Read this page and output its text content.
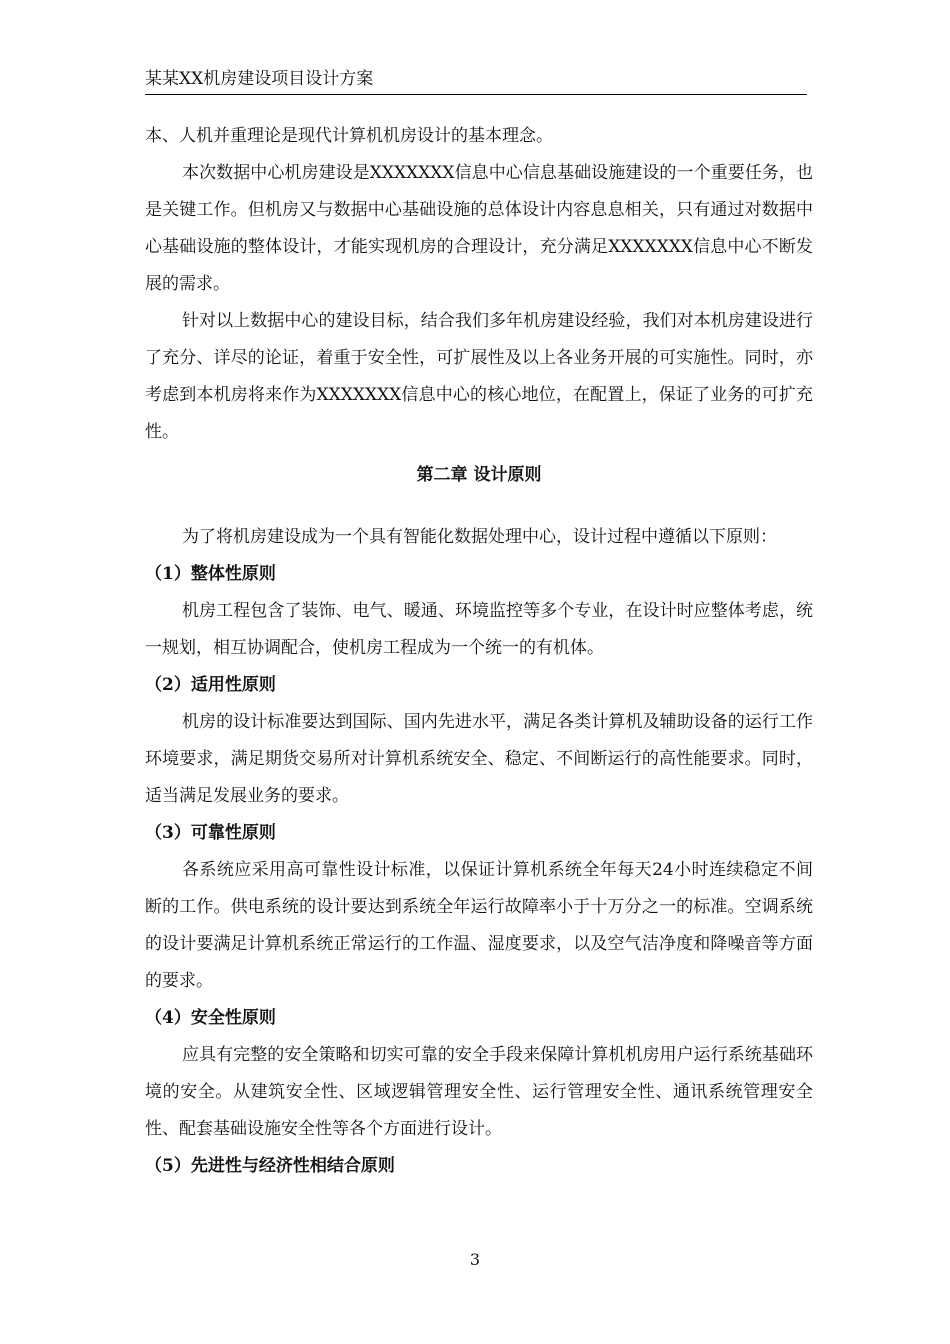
某某XX机房建设项目设计方案

本、人机并重理论是现代计算机机房设计的基本理念。

本次数据中心机房建设是XXXXXXX信息中心信息基础设施建设的一个重要任务，也是关键工作。但机房又与数据中心基础设施的总体设计内容息息相关，只有通过对数据中心基础设施的整体设计，才能实现机房的合理设计，充分满足XXXXXXX信息中心不断发展的需求。

针对以上数据中心的建设目标，结合我们多年机房建设经验，我们对本机房建设进行了充分、详尽的论证，着重于安全性，可扩展性及以上各业务开展的可实施性。同时，亦考虑到本机房将来作为XXXXXXX信息中心的核心地位，在配置上，保证了业务的可扩充性。

第二章 设计原则

为了将机房建设成为一个具有智能化数据处理中心，设计过程中遵循以下原则：

（1）整体性原则

机房工程包含了装饰、电气、暖通、环境监控等多个专业，在设计时应整体考虑，统一规划，相互协调配合，使机房工程成为一个统一的有机体。

（2）适用性原则

机房的设计标准要达到国际、国内先进水平，满足各类计算机及辅助设备的运行工作环境要求，满足期货交易所对计算机系统安全、稳定、不间断运行的高性能要求。同时，适当满足发展业务的要求。

（3）可靠性原则

各系统应采用高可靠性设计标准，以保证计算机系统全年每天24小时连续稳定不间断的工作。供电系统的设计要达到系统全年运行故障率小于十万分之一的标准。空调系统的设计要满足计算机系统正常运行的工作温、湿度要求，以及空气洁净度和降噪音等方面的要求。

（4）安全性原则

应具有完整的安全策略和切实可靠的安全手段来保障计算机机房用户运行系统基础环境的安全。从建筑安全性、区域逻辑管理安全性、运行管理安全性、通讯系统管理安全性、配套基础设施安全性等各个方面进行设计。

（5）先进性与经济性相结合原则

3
